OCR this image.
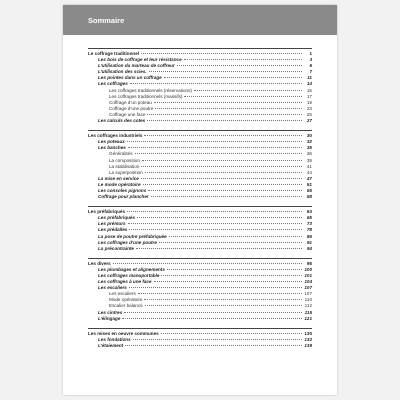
Sommaire
Le coffrage traditionnel	1
Les bois de coffrage et leur résistance	3
L’utilisation du marteau de coffreur	6
L’utilisation des scies.	7
Les pointes dans un coffrage	11
Les coffrages	14
Les coffrages traditionnels (réservations)	15
Les coffrages traditionnels (massifs)	17
Coffrage d’un poteau	19
Coffrage d’une poutre	23
Coffrage une face	25
Les calculs des cotes	27
Les coffrages industriels	30
Les poteaux	32
Les banches	35
Généralités	36
La composition	39
La stabilisation	41
La superposition	44
La mise en service	47
Le mode opératoire	51
Les consoles pignons	55
Coffrage pour plancher	58
Les préfabriqués	63
Les préfabriqués	65
Les prémurs	73
Les prédalles	78
La pose de poutre préfabriquée	86
Les coffrages d’une poutre	91
La précontrainte	94
Les divers	98
Les plombages et alignements	100
Les coffrages manuportable	101
Les coffrages à une face	104
Les escaliers	107
Les escaliers	107
Mode opératoire	110
Escalier balancé	112
Les cintres	115
L’élingage	121
Les mises en oeuvre communes	130
Les fondations	132
L’étaiement	139
